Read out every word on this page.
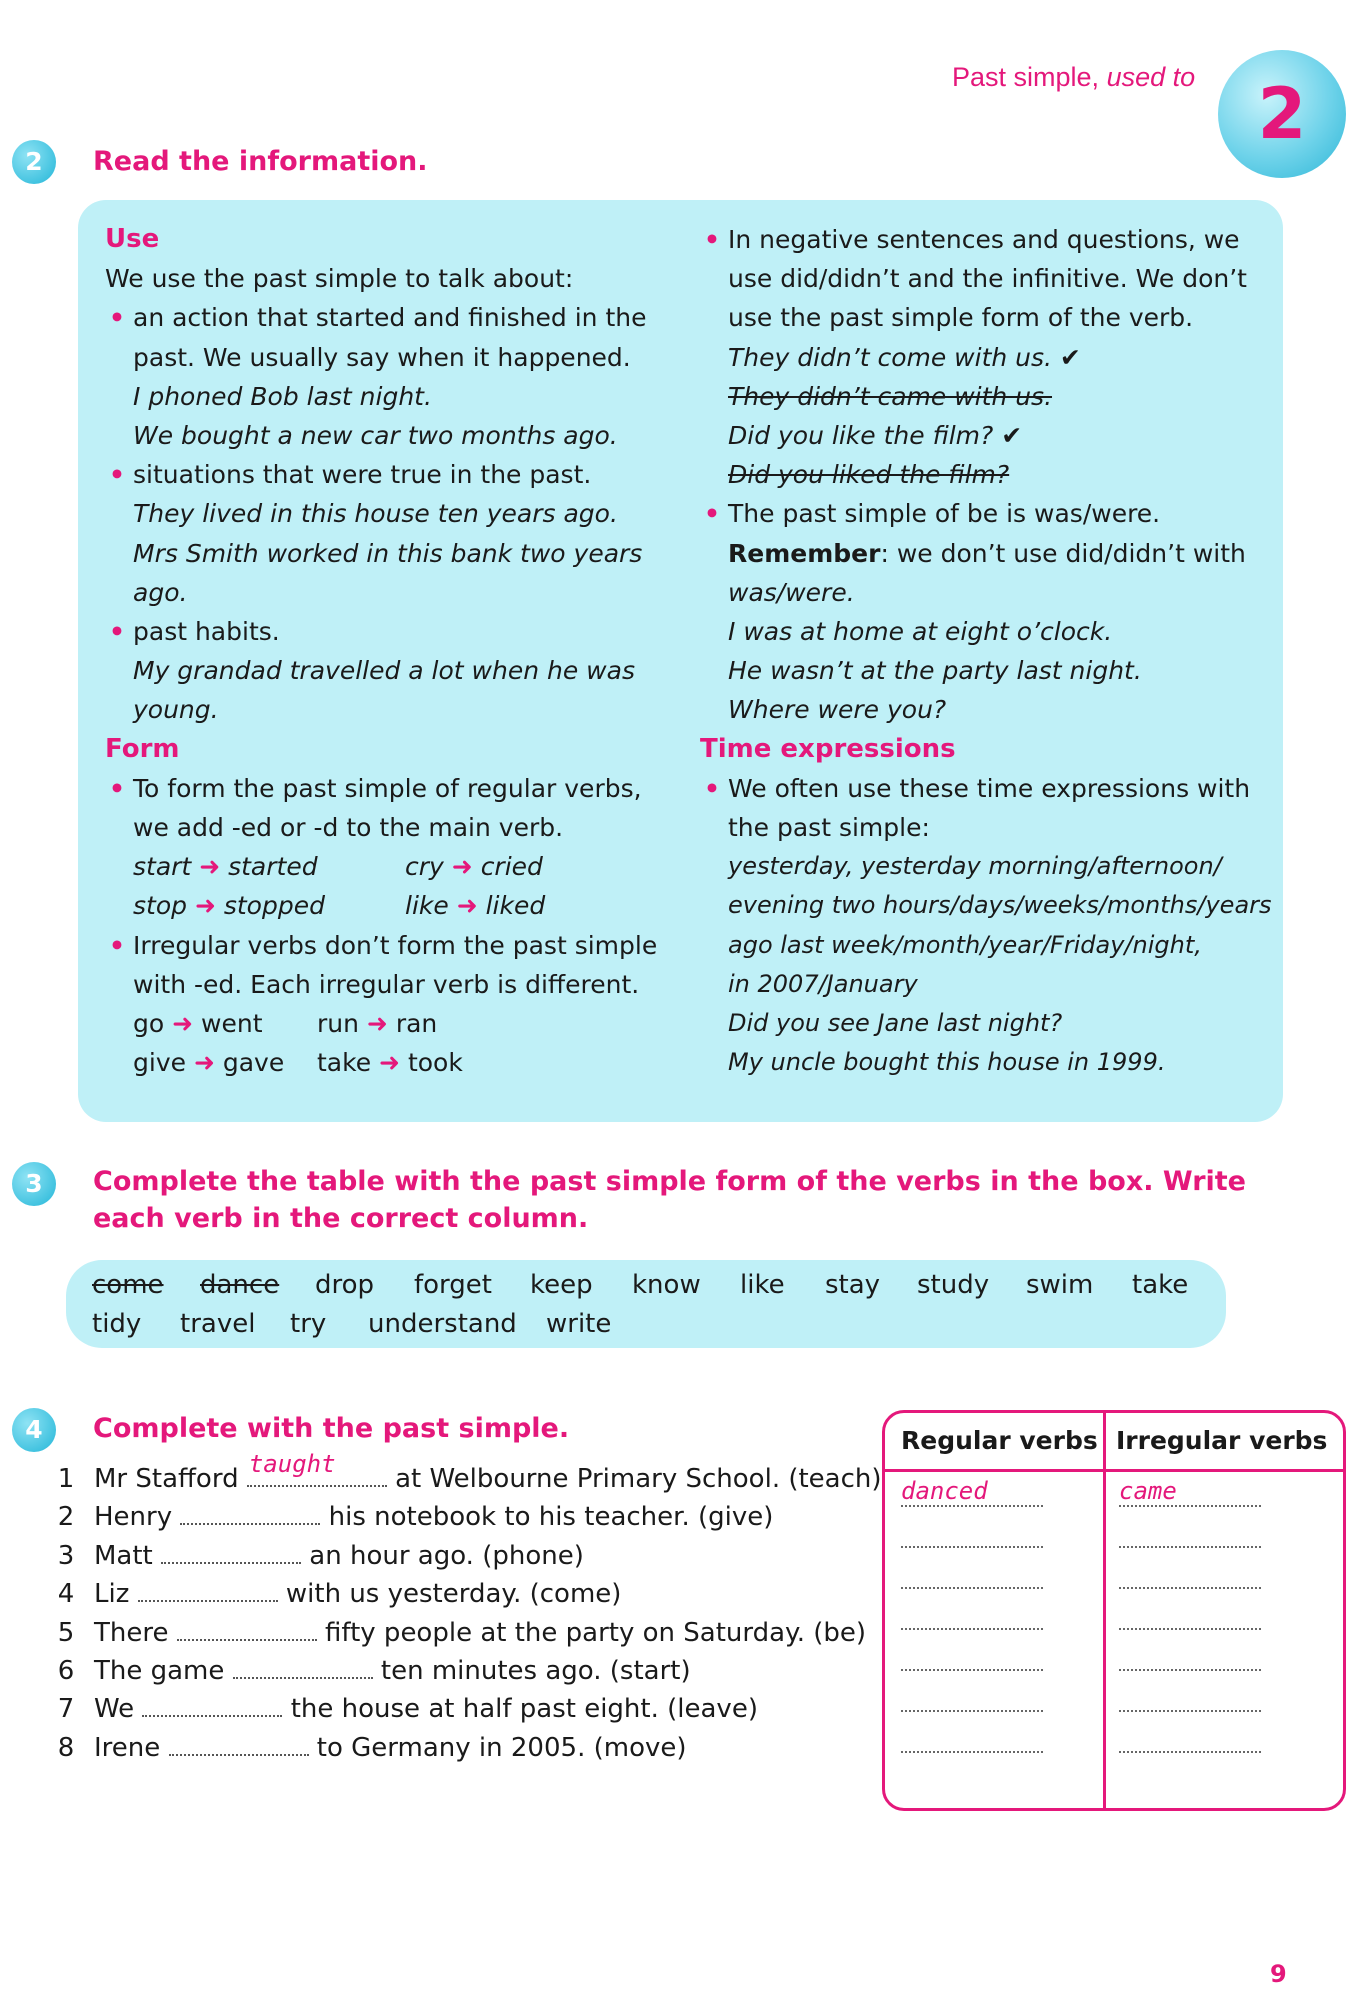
Past simple, used to 2
2	Read the information.

Use

We use the past simple to talk about:

• an action that started and finished in the

past. We usually say when it happened.

I phoned Bob last night.

We bought a new car two months ago.

• situations that were true in the past.

They lived in this house ten years ago.

Mrs Smith worked in this bank two years

ago.

• past habits.

My grandad travelled a lot when he was

young.

Form

• To form the past simple of regular verbs,

we add -ed or -d to the main verb.

start ➜ started	cry ➜ cried

stop ➜ stopped	like ➜ liked

• Irregular verbs don’t form the past simple

with -ed. Each irregular verb is different.

go ➜ went	run ➜ ran

give ➜ gave	take ➜ took

• In negative sentences and questions, we

use did/didn’t and the infinitive. We don’t

use the past simple form of the verb.

They didn’t come with us. ✔

They didn’t came with us.

Did you like the film? ✔

Did you liked the film?

• The past simple of be is was/were.

Remember: we don’t use did/didn’t with

was/were.

I was at home at eight o’clock.

He wasn’t at the party last night.

Where were you?

Time expressions

• We often use these time expressions with

the past simple:

yesterday, yesterday morning/afternoon/

evening two hours/days/weeks/months/years

ago last week/month/year/Friday/night,

in 2007/January

Did you see Jane last night?

My uncle bought this house in 1999.

3	Complete the table with the past simple form of the verbs in the box. Write
each verb in the correct column.
come dance drop forget keep know like stay study swim take
tidy travel try understand write
4	Complete with the past simple.
1 Mr Stafford taught at Welbourne Primary School. (teach)
2 Henry	his notebook to his teacher. (give)
3 Matt	an hour ago. (phone)
4 Liz	with us yesterday. (come)
5 There	fifty people at the party on Saturday. (be)
6 The game	ten minutes ago. (start)
7 We	the house at half past eight. (leave)
8 Irene	to Germany in 2005. (move)
Regular verbs Irregular verbs
danced	came
9
